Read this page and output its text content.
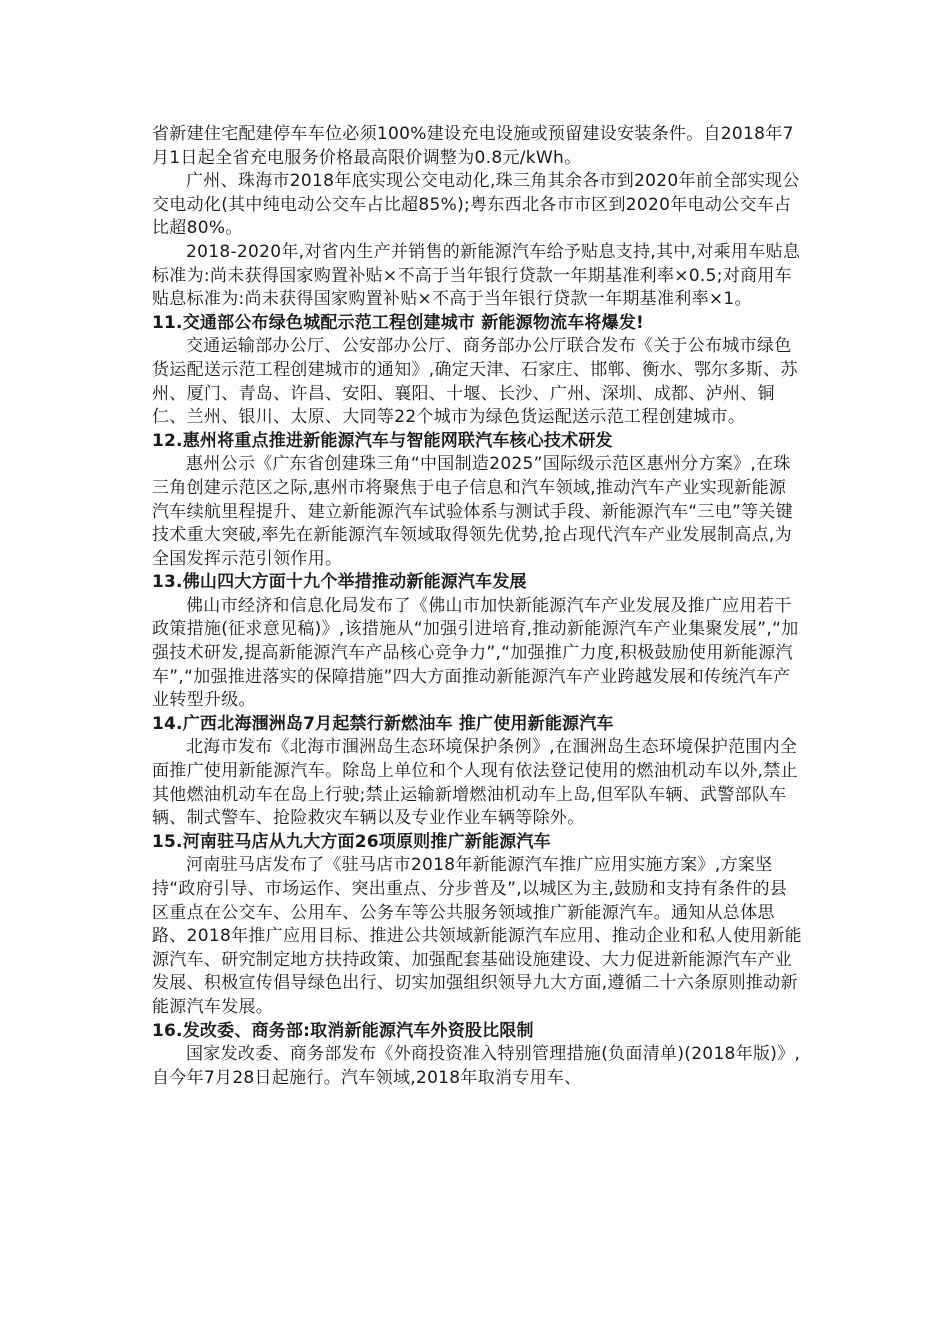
省新建住宅配建停车车位必须100%建设充电设施或预留建设安装条件。自2018年7月1日起全省充电服务价格最高限价调整为0.8元/kWh。

广州、珠海市2018年底实现公交电动化,珠三角其余各市到2020年前全部实现公交电动化(其中纯电动公交车占比超85%);粤东西北各市市区到2020年电动公交车占比超80%。

2018-2020年,对省内生产并销售的新能源汽车给予贴息支持,其中,对乘用车贴息标准为:尚未获得国家购置补贴×不高于当年银行贷款一年期基准利率×0.5;对商用车贴息标准为:尚未获得国家购置补贴×不高于当年银行贷款一年期基准利率×1。

11.交通部公布绿色城配示范工程创建城市 新能源物流车将爆发!

交通运输部办公厅、公安部办公厅、商务部办公厅联合发布《关于公布城市绿色货运配送示范工程创建城市的通知》,确定天津、石家庄、邯郸、衡水、鄂尔多斯、苏州、厦门、青岛、许昌、安阳、襄阳、十堰、长沙、广州、深圳、成都、泸州、铜仁、兰州、银川、太原、大同等22个城市为绿色货运配送示范工程创建城市。

12.惠州将重点推进新能源汽车与智能网联汽车核心技术研发

惠州公示《广东省创建珠三角“中国制造2025”国际级示范区惠州分方案》,在珠三角创建示范区之际,惠州市将聚焦于电子信息和汽车领域,推动汽车产业实现新能源汽车续航里程提升、建立新能源汽车试验体系与测试手段、新能源汽车“三电”等关键技术重大突破,率先在新能源汽车领域取得领先优势,抢占现代汽车产业发展制高点,为全国发挥示范引领作用。

13.佛山四大方面十九个举措推动新能源汽车发展

佛山市经济和信息化局发布了《佛山市加快新能源汽车产业发展及推广应用若干政策措施(征求意见稿)》,该措施从“加强引进培育,推动新能源汽车产业集聚发展”,“加强技术研发,提高新能源汽车产品核心竞争力”,“加强推广力度,积极鼓励使用新能源汽车”,“加强推进落实的保障措施”四大方面推动新能源汽车产业跨越发展和传统汽车产业转型升级。

14.广西北海涠洲岛7月起禁行新燃油车 推广使用新能源汽车

北海市发布《北海市涠洲岛生态环境保护条例》,在涠洲岛生态环境保护范围内全面推广使用新能源汽车。除岛上单位和个人现有依法登记使用的燃油机动车以外,禁止其他燃油机动车在岛上行驶;禁止运输新增燃油机动车上岛,但军队车辆、武警部队车辆、制式警车、抢险救灾车辆以及专业作业车辆等除外。

15.河南驻马店从九大方面26项原则推广新能源汽车

河南驻马店发布了《驻马店市2018年新能源汽车推广应用实施方案》,方案坚持“政府引导、市场运作、突出重点、分步普及”,以城区为主,鼓励和支持有条件的县区重点在公交车、公用车、公务车等公共服务领域推广新能源汽车。通知从总体思路、2018年推广应用目标、推进公共领域新能源汽车应用、推动企业和私人使用新能源汽车、研究制定地方扶持政策、加强配套基础设施建设、大力促进新能源汽车产业发展、积极宣传倡导绿色出行、切实加强组织领导九大方面,遵循二十六条原则推动新能源汽车发展。

16.发改委、商务部:取消新能源汽车外资股比限制

国家发改委、商务部发布《外商投资准入特别管理措施(负面清单)(2018年版)》,自今年7月28日起施行。汽车领域,2018年取消专用车、
